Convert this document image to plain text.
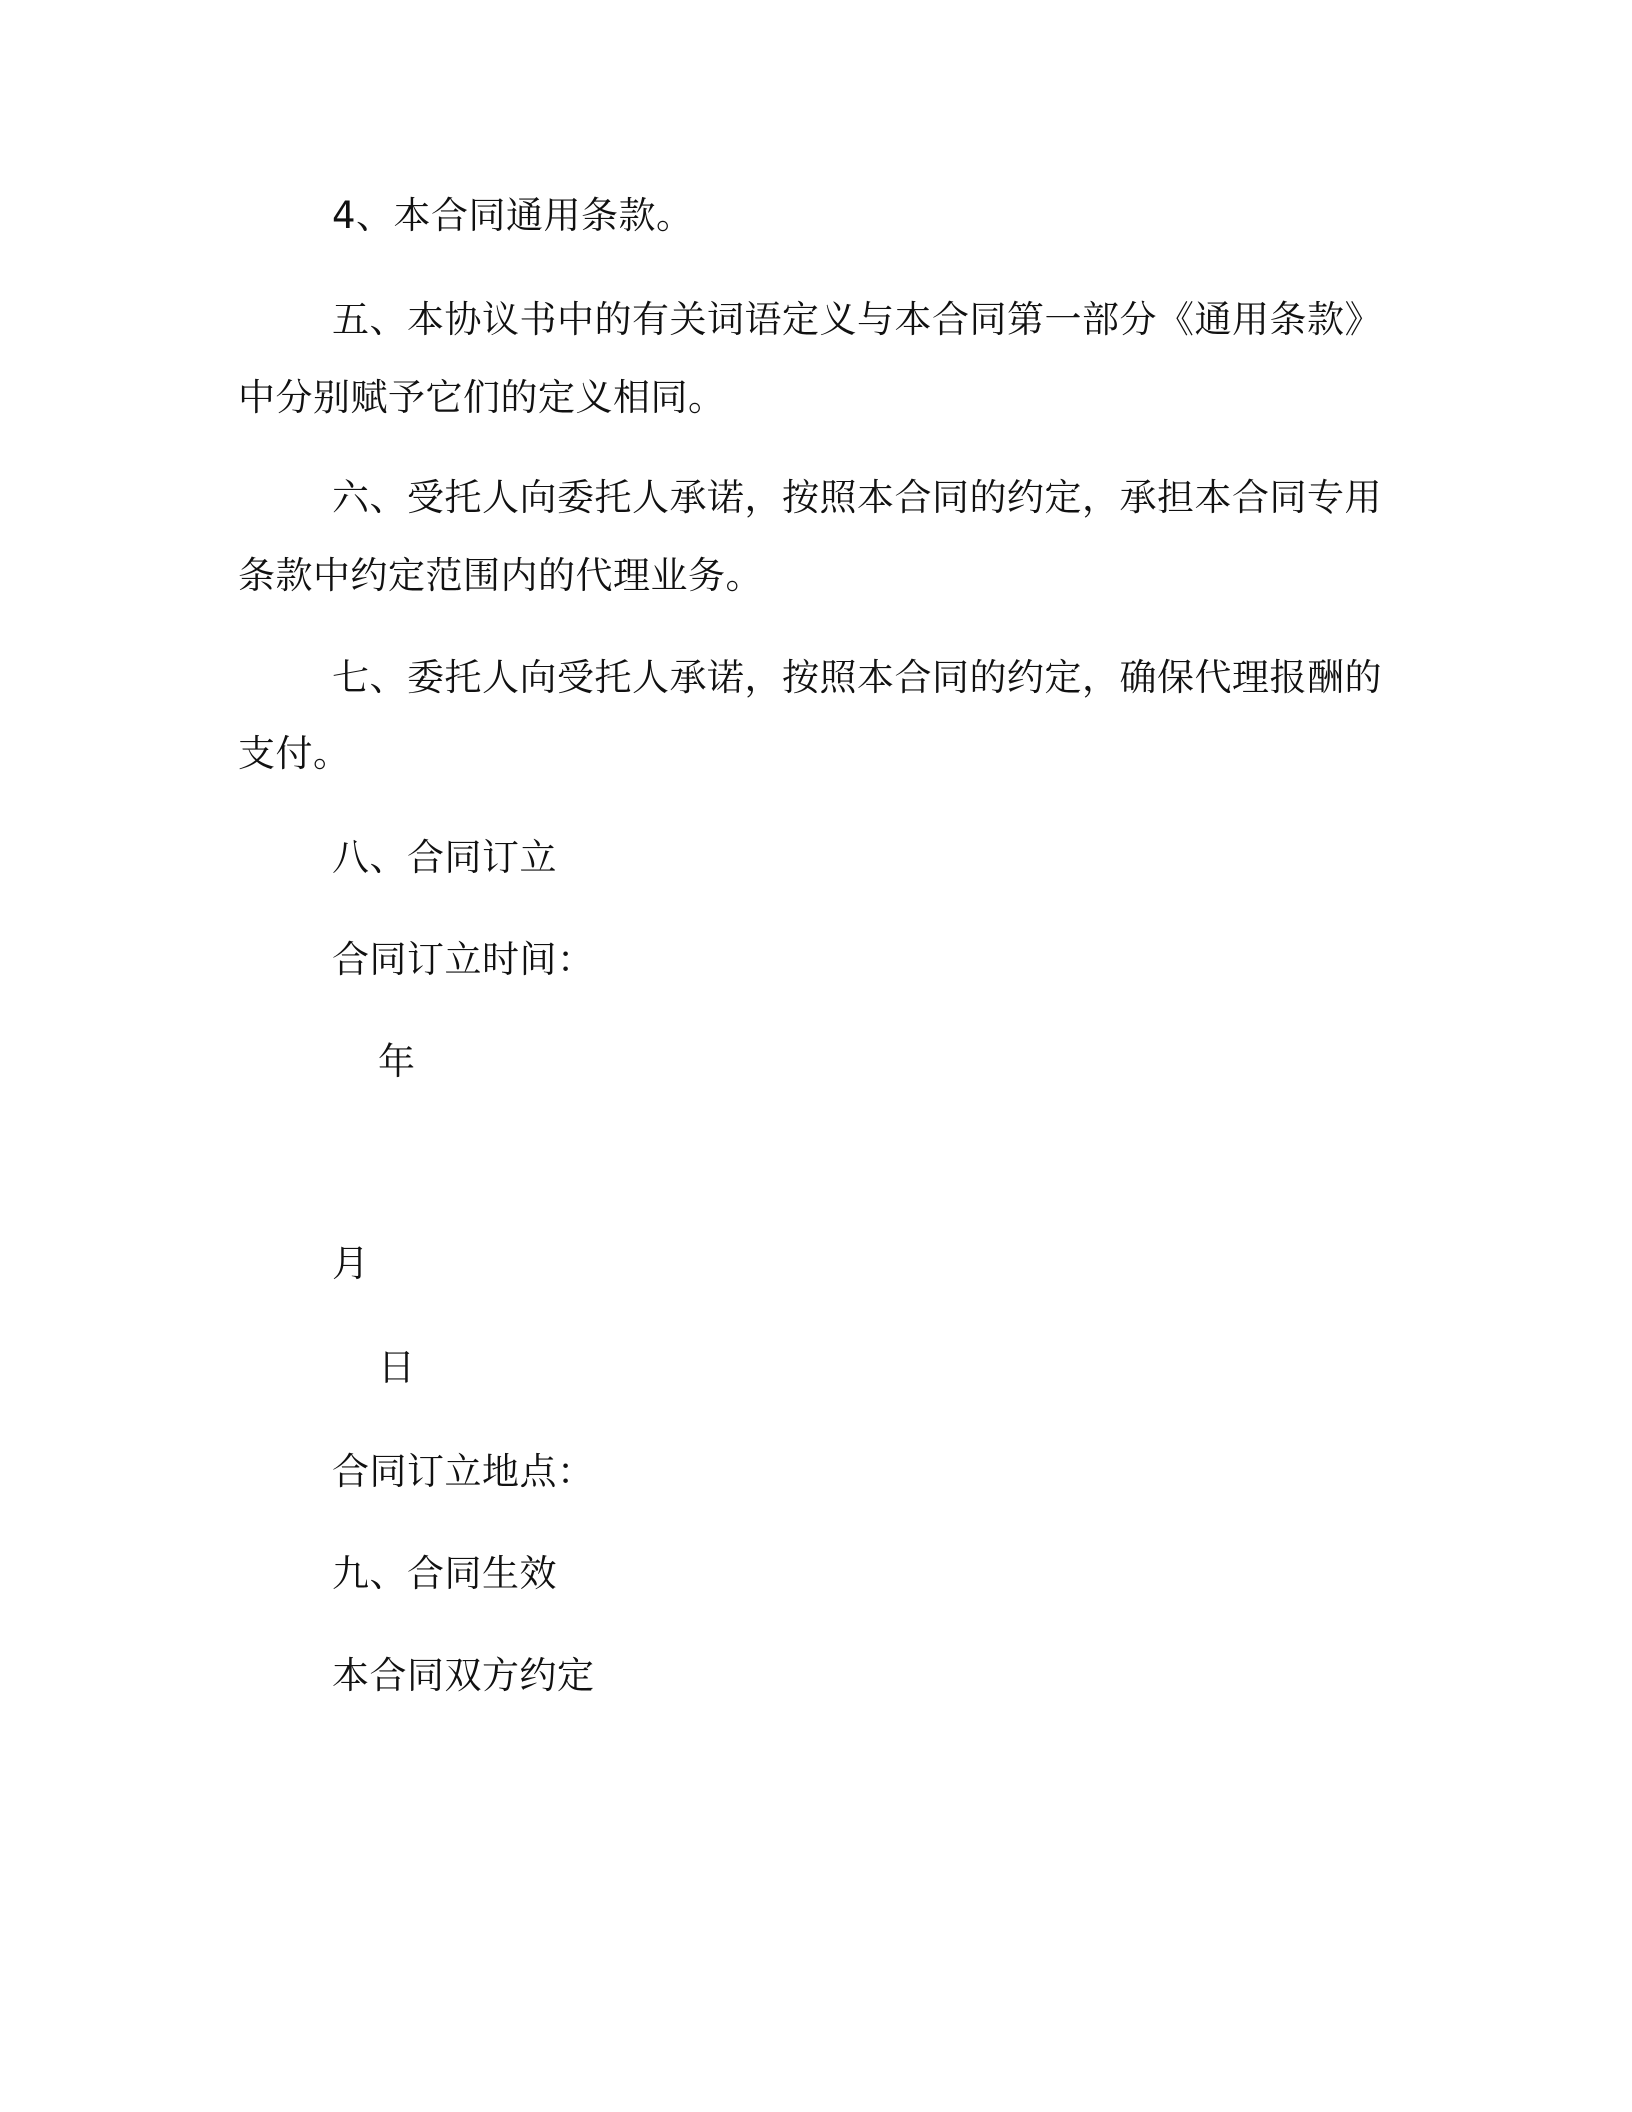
4、本合同通用条款。
五、本协议书中的有关词语定义与本合同第一部分《通用条款》
中分别赋予它们的定义相同。
六、受托人向委托人承诺，按照本合同的约定，承担本合同专用
条款中约定范围内的代理业务。
七、委托人向受托人承诺，按照本合同的约定，确保代理报酬的
支付。
八、合同订立
合同订立时间：
年
月
日
合同订立地点：
九、合同生效
本合同双方约定
